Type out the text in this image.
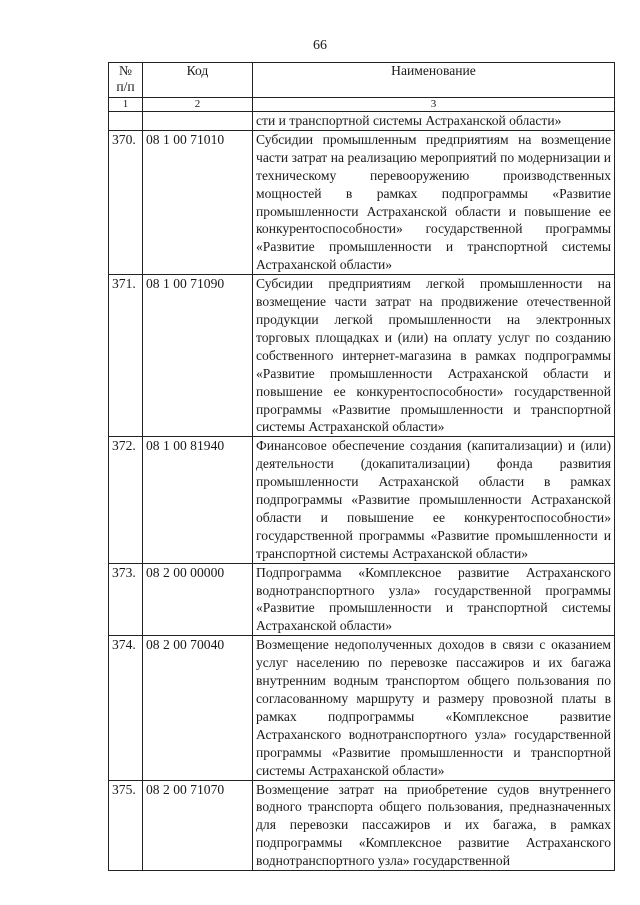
66
№ п/п	Код	Наименование
1	2	3
		сти и транспортной системы Астраханской области»
370.	08 1 00 71010	Субсидии промышленным предприятиям на возмещение части затрат на реализацию мероприятий по модернизации и техническому перевооружению производственных мощностей в рамках подпрограммы «Развитие промышленности Астраханской области и повышение ее конкурентоспособности» государственной программы «Развитие промышленности и транспортной системы Астраханской области»
371.	08 1 00 71090	Субсидии предприятиям легкой промышленности на возмещение части затрат на продвижение отечественной продукции легкой промышленности на электронных торговых площадках и (или) на оплату услуг по созданию собственного интернет-магазина в рамках подпрограммы «Развитие промышленности Астраханской области и повышение ее конкурентоспособности» государственной программы «Развитие промышленности и транспортной системы Астраханской области»
372.	08 1 00 81940	Финансовое обеспечение создания (капитализации) и (или) деятельности (докапитализации) фонда развития промышленности Астраханской области в рамках подпрограммы «Развитие промышленности Астраханской области и повышение ее конкурентоспособности» государственной программы «Развитие промышленности и транспортной системы Астраханской области»
373.	08 2 00 00000	Подпрограмма «Комплексное развитие Астраханского воднотранспортного узла» государственной программы «Развитие промышленности и транспортной системы Астраханской области»
374.	08 2 00 70040	Возмещение недополученных доходов в связи с оказанием услуг населению по перевозке пассажиров и их багажа внутренним водным транспортом общего пользования по согласованному маршруту и размеру провозной платы в рамках подпрограммы «Комплексное развитие Астраханского воднотранспортного узла» государственной программы «Развитие промышленности и транспортной системы Астраханской области»
375.	08 2 00 71070	Возмещение затрат на приобретение судов внутреннего водного транспорта общего пользования, предназначенных для перевозки пассажиров и их багажа, в рамках подпрограммы «Комплексное развитие Астраханского воднотранспортного узла» государственной
